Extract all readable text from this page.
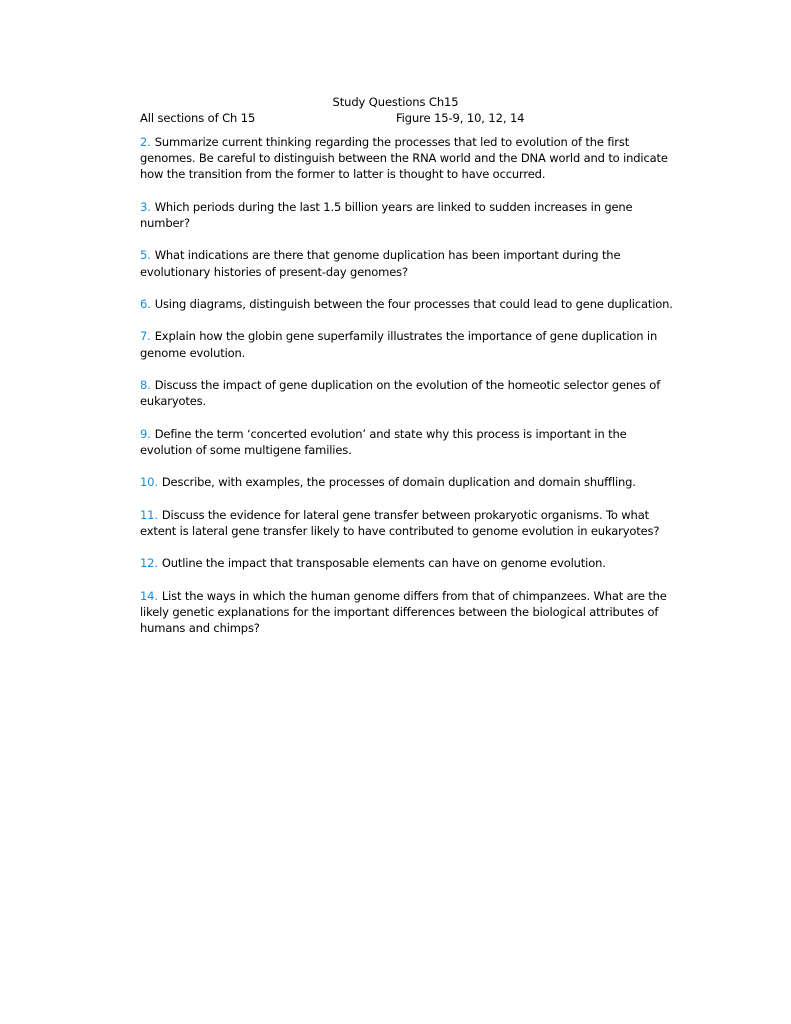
Study Questions Ch15
All sections of Ch 15	Figure 15-9, 10, 12, 14
2. Summarize current thinking regarding the processes that led to evolution of the first genomes. Be careful to distinguish between the RNA world and the DNA world and to indicate how the transition from the former to latter is thought to have occurred.
3. Which periods during the last 1.5 billion years are linked to sudden increases in gene number?
5. What indications are there that genome duplication has been important during the evolutionary histories of present-day genomes?
6. Using diagrams, distinguish between the four processes that could lead to gene duplication.
7. Explain how the globin gene superfamily illustrates the importance of gene duplication in genome evolution.
8. Discuss the impact of gene duplication on the evolution of the homeotic selector genes of eukaryotes.
9. Define the term ‘concerted evolution’ and state why this process is important in the evolution of some multigene families.
10. Describe, with examples, the processes of domain duplication and domain shuffling.
11. Discuss the evidence for lateral gene transfer between prokaryotic organisms. To what extent is lateral gene transfer likely to have contributed to genome evolution in eukaryotes?
12. Outline the impact that transposable elements can have on genome evolution.
14. List the ways in which the human genome differs from that of chimpanzees. What are the likely genetic explanations for the important differences between the biological attributes of humans and chimps?
